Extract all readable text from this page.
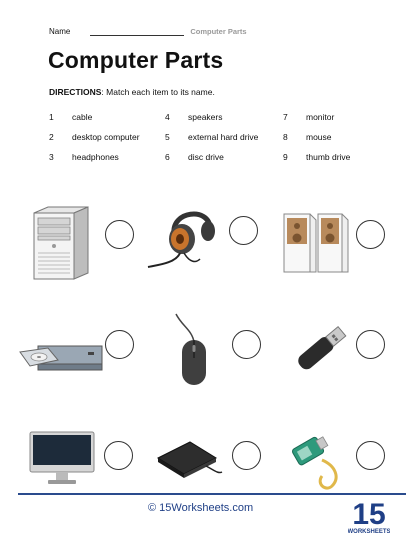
Name	Computer Parts
Computer Parts
DIRECTIONS: Match each item to its name.
1	cable	4	speakers	7	monitor
2	desktop computer	5	external hard drive	8	mouse
3	headphones	6	disc drive	9	thumb drive
© 15Worksheets.com	15
WORKSHEETS
